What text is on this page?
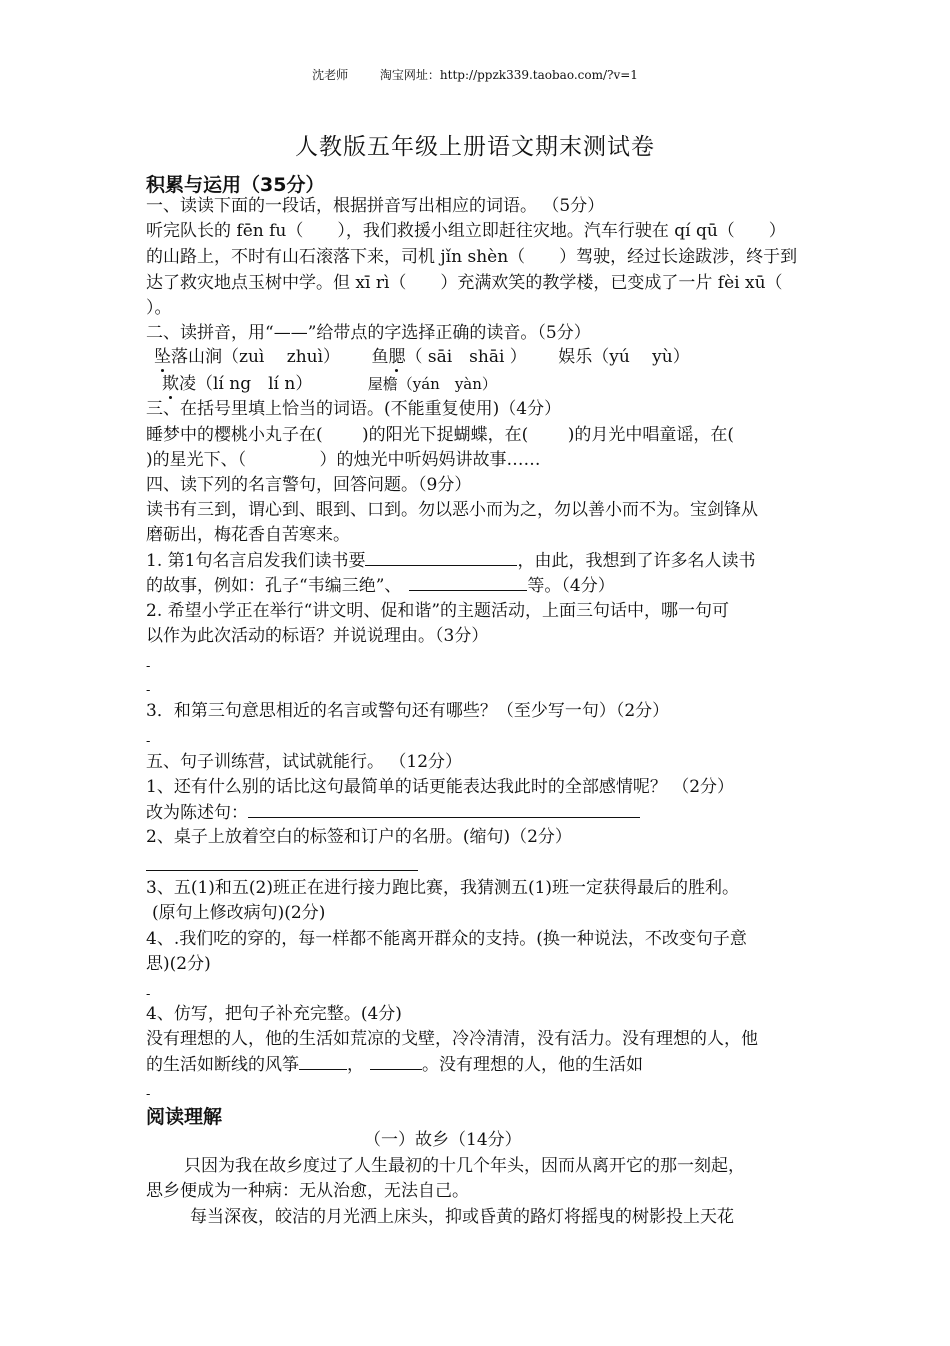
沈老师	淘宝网址：http://ppzk339.taobao.com/?v=1
人教版五年级上册语文期末测试卷
积累与运用（35分）
一、读读下面的一段话，根据拼音写出相应的词语。 （5分）
听完队长的 fēn fu（　　），我们救援小组立即赶往灾地。汽车行驶在 qí qū（　　）
的山路上，不时有山石滚落下来，司机 jǐn shèn（　　）驾驶，经过长途跋涉，终于到
达了救灾地点玉树中学。但 xī rì（　　）充满欢笑的教学楼，已变成了一片 fèi xū（
）。
二、读拼音，用“——”给带点的字选择正确的读音。（5分）
坠落山涧（zuì　 zhuì） 鱼腮（ sāi　shāi ） 娱乐（yú　 yù）
欺凌（lí ng　lí n）	屋檐（yán　yàn）
三、在括号里填上恰当的词语。(不能重复使用)（4分）
睡梦中的樱桃小丸子在(　　 )的阳光下捉蝴蝶，在(　　 )的月光中唱童谣，在(
)的星光下、（　　　　 ）的烛光中听妈妈讲故事……
四、读下列的名言警句，回答问题。（9分）
读书有三到，谓心到、眼到、口到。勿以恶小而为之，勿以善小而不为。宝剑锋从
磨砺出，梅花香自苦寒来。
1. 第1句名言启发我们读书要	，由此，我想到了许多名人读书
的故事，例如：孔子“韦编三绝”、	等。（4分）
2. 希望小学正在举行“讲文明、促和谐”的主题活动，上面三句话中，哪一句可
以作为此次活动的标语？并说说理由。（3分）
-
-
3．和第三句意思相近的名言或警句还有哪些？（至少写一句）（2分）
-
五、句子训练营，试试就能行。 （12分）
1、还有什么别的话比这句最简单的话更能表达我此时的全部感情呢？ （2分）
改为陈述句：
2、桌子上放着空白的标签和订户的名册。(缩句)（2分）
3、五(1)和五(2)班正在进行接力跑比赛，我猜测五(1)班一定获得最后的胜利。
(原句上修改病句)(2分)
4、.我们吃的穿的，每一样都不能离开群众的支持。(换一种说法，不改变句子意
思)(2分)
-
4、仿写，把句子补充完整。(4分)
没有理想的人，他的生活如荒凉的戈壁，冷冷清清，没有活力。没有理想的人，他
的生活如断线的风筝	，	。没有理想的人，他的生活如
-
阅读理解
（一）故乡（14分）
只因为我在故乡度过了人生最初的十几个年头，因而从离开它的那一刻起，
思乡便成为一种病：无从治愈，无法自己。
每当深夜，皎洁的月光洒上床头，抑或昏黄的路灯将摇曳的树影投上天花
